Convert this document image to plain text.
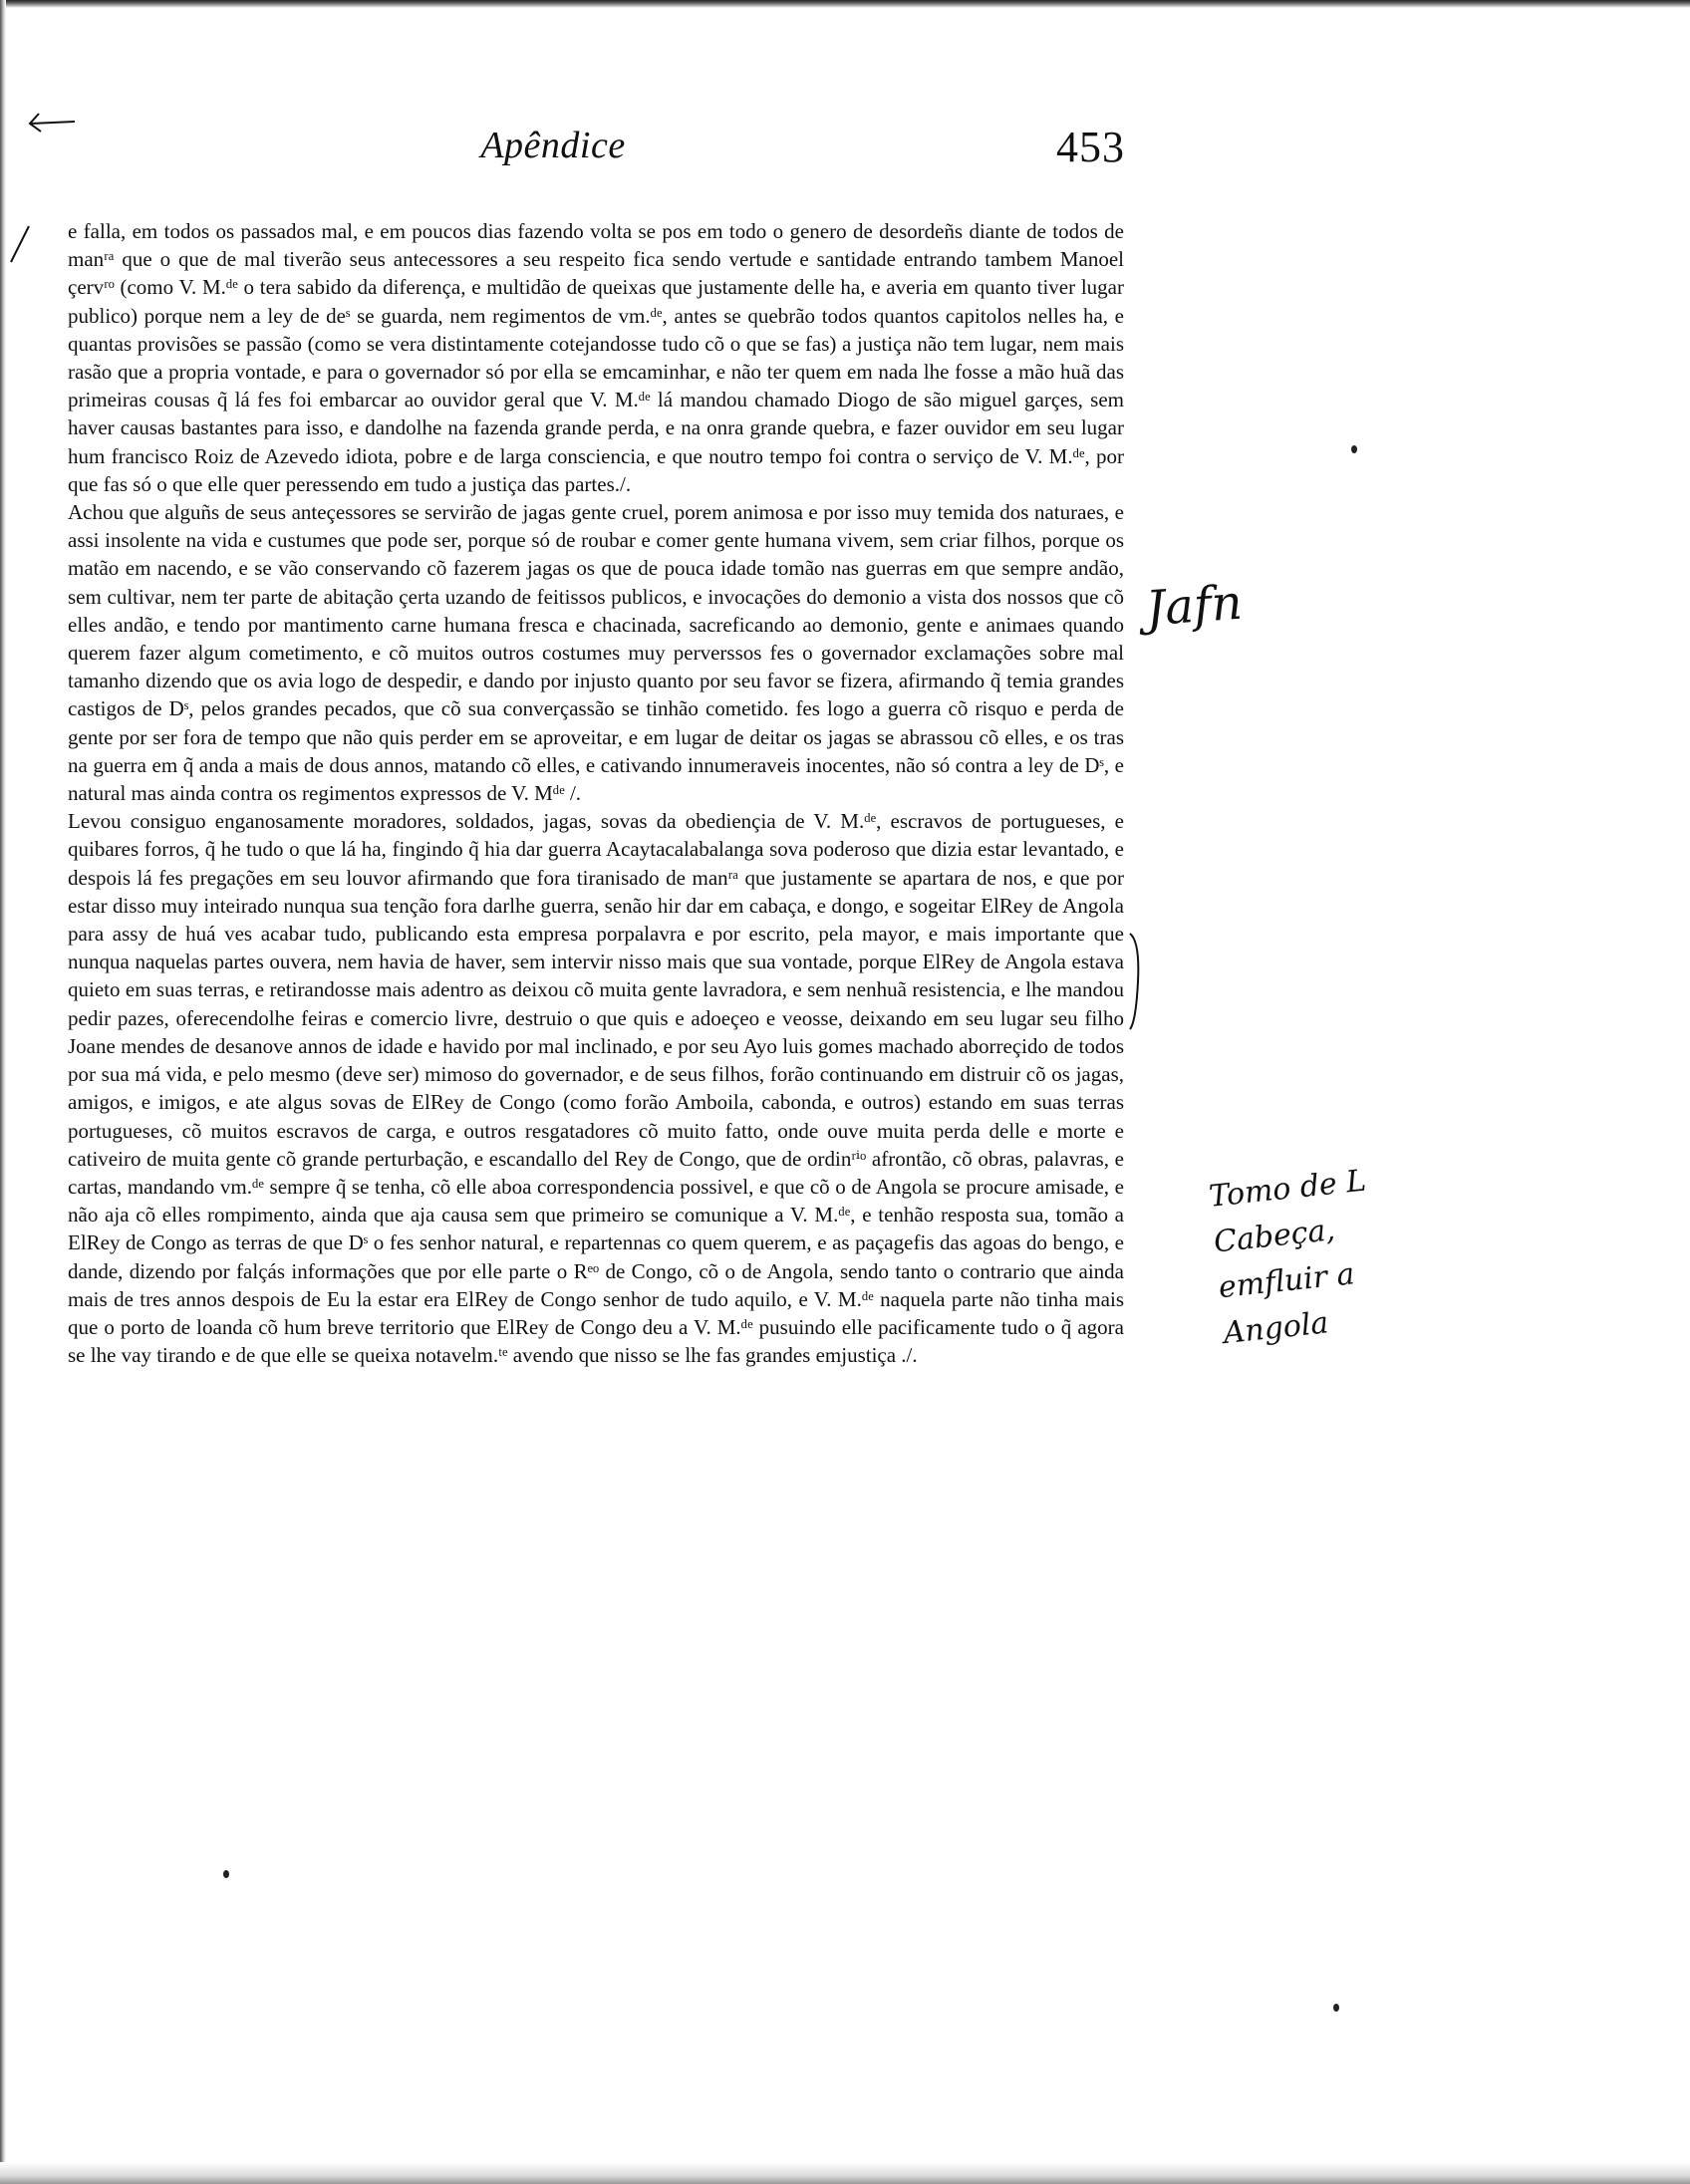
Apêndice	453

e falla, em todos os passados mal, e em poucos dias fazendo volta se pos em todo o genero de desordeñs diante de todos de manʳᵃ que o que de mal tiverão seus antecessores a seu respeito fica sendo vertude e santidade entrando tambem Manoel çervʳᵒ (como V. M.ᵈᵉ o tera sabido da diferença, e multidão de queixas que justamente delle ha, e averia em quanto tiver lugar publico) porque nem a ley de deˢ se guarda, nem regimentos de vm.ᵈᵉ, antes se quebrão todos quantos capitolos nelles ha, e quantas provisões se passão (como se vera distintamente cotejandosse tudo cõ o que se fas) a justiça não tem lugar, nem mais rasão que a propria vontade, e para o governador só por ella se emcaminhar, e não ter quem em nada lhe fosse a mão huã das primeiras cousas q̃ lá fes foi embarcar ao ouvidor geral que V. M.ᵈᵉ lá mandou chamado Diogo de são miguel garçes, sem haver causas bastantes para isso, e dandolhe na fazenda grande perda, e na onra grande quebra, e fazer ouvidor em seu lugar hum francisco Roiz de Azevedo idiota, pobre e de larga consciencia, e que noutro tempo foi contra o serviço de V. M.ᵈᵉ, por que fas só o que elle quer peressendo em tudo a justiça das partes./.

Achou que alguñs de seus anteçessores se servirão de jagas gente cruel, porem animosa e por isso muy temida dos naturaes, e assi insolente na vida e custumes que pode ser, porque só de roubar e comer gente humana vivem, sem criar filhos, porque os matão em nacendo, e se vão conservando cõ fazerem jagas os que de pouca idade tomão nas guerras em que sempre andão, sem cultivar, nem ter parte de abitação çerta uzando de feitissos publicos, e invocações do demonio a vista dos nossos que cõ elles andão, e tendo por mantimento carne humana fresca e chacinada, sacreficando ao demonio, gente e animaes quando querem fazer algum cometimento, e cõ muitos outros costumes muy perverssos fes o governador exclamações sobre mal tamanho dizendo que os avia logo de despedir, e dando por injusto quanto por seu favor se fizera, afirmando q̃ temia grandes castigos de Dˢ, pelos grandes pecados, que cõ sua converçassão se tinhão cometido. fes logo a guerra cõ risquo e perda de gente por ser fora de tempo que não quis perder em se aproveitar, e em lugar de deitar os jagas se abrassou cõ elles, e os tras na guerra em q̃ anda a mais de dous annos, matando cõ elles, e cativando innumeraveis inocentes, não só contra a ley de Dˢ, e natural mas ainda contra os regimentos expressos de V. Mᵈᵉ /.

Levou consiguo enganosamente moradores, soldados, jagas, sovas da obediençia de V. M.ᵈᵉ, escravos de portugueses, e quibares forros, q̃ he tudo o que lá ha, fingindo q̃ hia dar guerra Acaytacalabalanga sova poderoso que dizia estar levantado, e despois lá fes pregações em seu louvor afirmando que fora tiranisado de manʳᵃ que justamente se apartara de nos, e que por estar disso muy inteirado nunqua sua tenção fora darlhe guerra, senão hir dar em cabaça, e dongo, e sogeitar ElRey de Angola para assy de huá ves acabar tudo, publicando esta empresa porpalavra e por escrito, pela mayor, e mais importante que nunqua naquelas partes ouvera, nem havia de haver, sem intervir nisso mais que sua vontade, porque ElRey de Angola estava quieto em suas terras, e retirandosse mais adentro as deixou cõ muita gente lavradora, e sem nenhuã resistencia, e lhe mandou pedir pazes, oferecendolhe feiras e comercio livre, destruio o que quis e adoeçeo e veosse, deixando em seu lugar seu filho Joane mendes de desanove annos de idade e havido por mal inclinado, e por seu Ayo luis gomes machado aborreçido de todos por sua má vida, e pelo mesmo (deve ser) mimoso do governador, e de seus filhos, forão continuando em distruir cõ os jagas, amigos, e imigos, e ate algus sovas de ElRey de Congo (como forão Amboila, cabonda, e outros) estando em suas terras portugueses, cõ muitos escravos de carga, e outros resgatadores cõ muito fatto, onde ouve muita perda delle e morte e cativeiro de muita gente cõ grande perturbação, e escandallo del Rey de Congo, que de ordinʳⁱᵒ afrontão, cõ obras, palavras, e cartas, mandando vm.ᵈᵉ sempre q̃ se tenha, cõ elle aboa correspondencia possivel, e que cõ o de Angola se procure amisade, e não aja cõ elles rompimento, ainda que aja causa sem que primeiro se comunique a V. M.ᵈᵉ, e tenhão resposta sua, tomão a ElRey de Congo as terras de que Dˢ o fes senhor natural, e repartennas co quem querem, e as paçagefis das agoas do bengo, e dande, dizendo por falçás informações que por elle parte o Rᵉᵒ de Congo, cõ o de Angola, sendo tanto o contrario que ainda mais de tres annos despois de Eu la estar era ElRey de Congo senhor de tudo aquilo, e V. M.ᵈᵉ naquela parte não tinha mais que o porto de loanda cõ hum breve territorio que ElRey de Congo deu a V. M.ᵈᵉ pusuindo elle pacificamente tudo o q̃ agora se lhe vay tirando e de que elle se queixa notavelm.ᵗᵉ avendo que nisso se lhe fas grandes emjustiça ./.

Jafn
Tomo de L Cabeça,
emfluir a
Angola
